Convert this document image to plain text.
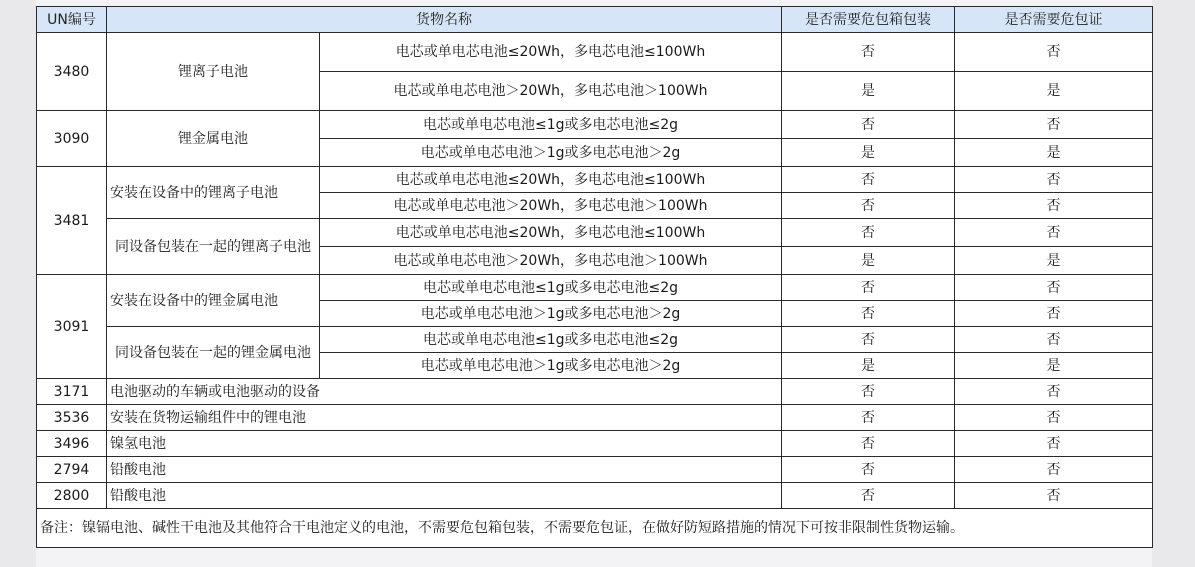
UN编号	货物名称		是否需要危包箱包装	是否需要危包证
3480	锂离子电池	电芯或单电芯电池≤20Wh，多电芯电池≤100Wh	否	否
		电芯或单电芯电池＞20Wh，多电芯电池＞100Wh	是	是
3090	锂金属电池	电芯或单电芯电池≤1g或多电芯电池≤2g	否	否
		电芯或单电芯电池＞1g或多电芯电池＞2g	是	是
3481	安装在设备中的锂离子电池	电芯或单电芯电池≤20Wh，多电芯电池≤100Wh	否	否
		电芯或单电芯电池＞20Wh，多电芯电池＞100Wh	否	否
	同设备包装在一起的锂离子电池	电芯或单电芯电池≤20Wh，多电芯电池≤100Wh	否	否
		电芯或单电芯电池＞20Wh，多电芯电池＞100Wh	是	是
3091	安装在设备中的锂金属电池	电芯或单电芯电池≤1g或多电芯电池≤2g	否	否
		电芯或单电芯电池＞1g或多电芯电池＞2g	否	否
	同设备包装在一起的锂金属电池	电芯或单电芯电池≤1g或多电芯电池≤2g	否	否
		电芯或单电芯电池＞1g或多电芯电池＞2g	是	是
3171	电池驱动的车辆或电池驱动的设备		否	否
3536	安装在货物运输组件中的锂电池		否	否
3496	镍氢电池		否	否
2794	铅酸电池		否	否
2800	铅酸电池		否	否
备注：镍镉电池、碱性干电池及其他符合干电池定义的电池，不需要危包箱包装，不需要危包证，在做好防短路措施的情况下可按非限制性货物运输。				
